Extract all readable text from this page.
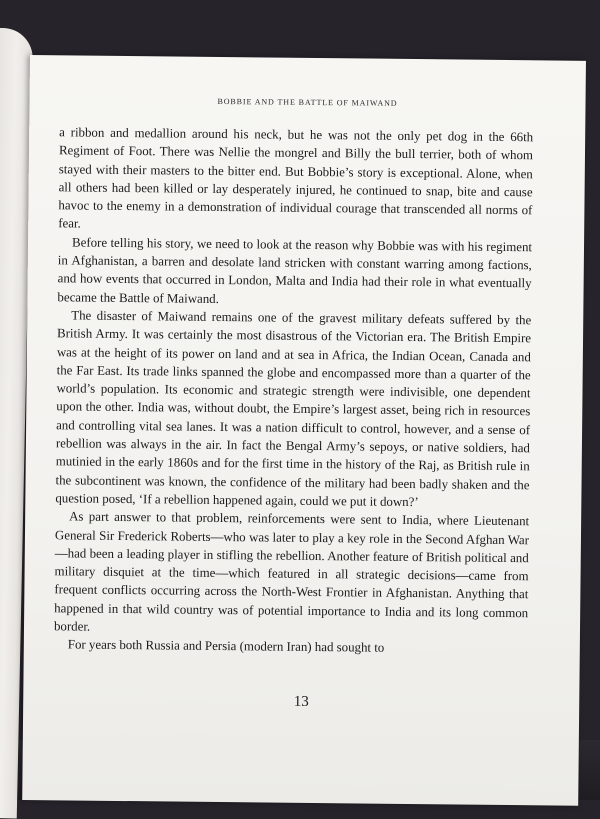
BOBBIE AND THE BATTLE OF MAIWAND

a ribbon and medallion around his neck, but he was not the only pet dog in the 66th Regiment of Foot. There was Nellie the mongrel and Billy the bull terrier, both of whom stayed with their masters to the bitter end. But Bobbie’s story is exceptional. Alone, when all others had been killed or lay desperately injured, he continued to snap, bite and cause havoc to the enemy in a demonstration of individual courage that transcended all norms of fear.

Before telling his story, we need to look at the reason why Bobbie was with his regiment in Afghanistan, a barren and desolate land stricken with constant warring among factions, and how events that occurred in London, Malta and India had their role in what eventually became the Battle of Maiwand.

The disaster of Maiwand remains one of the gravest military defeats suffered by the British Army. It was certainly the most disastrous of the Victorian era. The British Empire was at the height of its power on land and at sea in Africa, the Indian Ocean, Canada and the Far East. Its trade links spanned the globe and encompassed more than a quarter of the world’s population. Its economic and strategic strength were indivisible, one dependent upon the other. India was, without doubt, the Empire’s largest asset, being rich in resources and controlling vital sea lanes. It was a nation difficult to control, however, and a sense of rebellion was always in the air. In fact the Bengal Army’s sepoys, or native soldiers, had mutinied in the early 1860s and for the first time in the history of the Raj, as British rule in the subcontinent was known, the confidence of the military had been badly shaken and the question posed, ‘If a rebellion happened again, could we put it down?’

As part answer to that problem, reinforcements were sent to India, where Lieutenant General Sir Frederick Roberts—who was later to play a key role in the Second Afghan War—had been a leading player in stifling the rebellion. Another feature of British political and military disquiet at the time—which featured in all strategic decisions—came from frequent conflicts occurring across the North-West Frontier in Afghanistan. Anything that happened in that wild country was of potential importance to India and its long common border.

For years both Russia and Persia (modern Iran) had sought to

13
